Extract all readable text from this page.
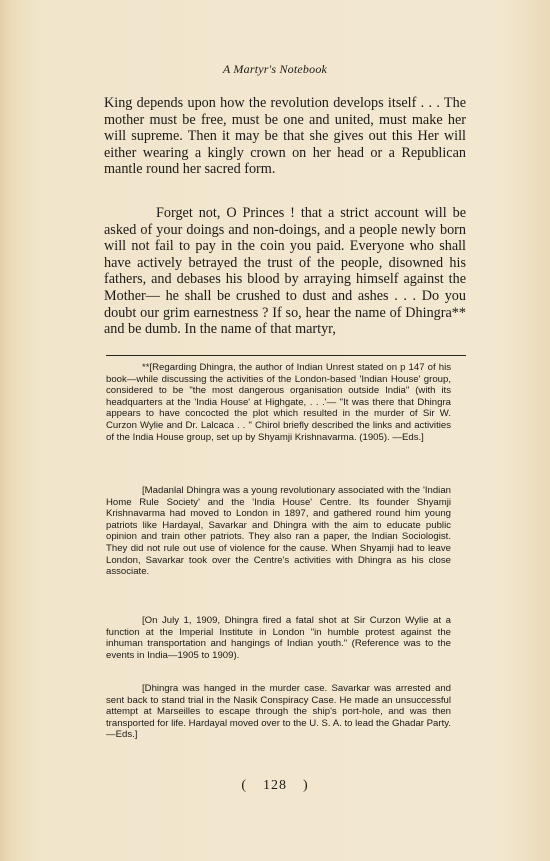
A Martyr's Notebook

King depends upon how the revolution develops itself . . . The mother must be free, must be one and united, must make her will supreme. Then it may be that she gives out this Her will either wearing a kingly crown on her head or a Republican mantle round her sacred form.

Forget not, O Princes ! that a strict account will be asked of your doings and non-doings, and a people newly born will not fail to pay in the coin you paid. Everyone who shall have actively betrayed the trust of the people, disowned his fathers, and debases his blood by arraying himself against the Mother— he shall be crushed to dust and ashes . . . Do you doubt our grim earnestness ? If so, hear the name of Dhingra** and be dumb. In the name of that martyr,

**[Regarding Dhingra, the author of Indian Unrest stated on p 147 of his book—while discussing the activities of the London-based 'Indian House' group, considered to be "the most dangerous organisation outside India" (with its headquarters at the 'India House' at Highgate, . . .'— "It was there that Dhingra appears to have concocted the plot which resulted in the murder of Sir W. Curzon Wylie and Dr. Lalcaca . . " Chirol briefly described the links and activities of the India House group, set up by Shyamji Krishnavarma. (1905). —Eds.]

[Madanlal Dhingra was a young revolutionary associated with the 'Indian Home Rule Society' and the 'India House' Centre. Its founder Shyamji Krishnavarma had moved to London in 1897, and gathered round him young patriots like Hardayal, Savarkar and Dhingra with the aim to educate public opinion and train other patriots. They also ran a paper, the Indian Sociologist. They did not rule out use of violence for the cause. When Shyamji had to leave London, Savarkar took over the Centre's activities with Dhingra as his close associate.

[On July 1, 1909, Dhingra fired a fatal shot at Sir Curzon Wylie at a function at the Imperial Institute in London "in humble protest against the inhuman transportation and hangings of Indian youth." (Reference was to the events in India—1905 to 1909).

[Dhingra was hanged in the murder case. Savarkar was arrested and sent back to stand trial in the Nasik Conspiracy Case. He made an unsuccessful attempt at Marseilles to escape through the ship's port-hole, and was then transported for life. Hardayal moved over to the U. S. A. to lead the Ghadar Party. —Eds.]

( 128 )
